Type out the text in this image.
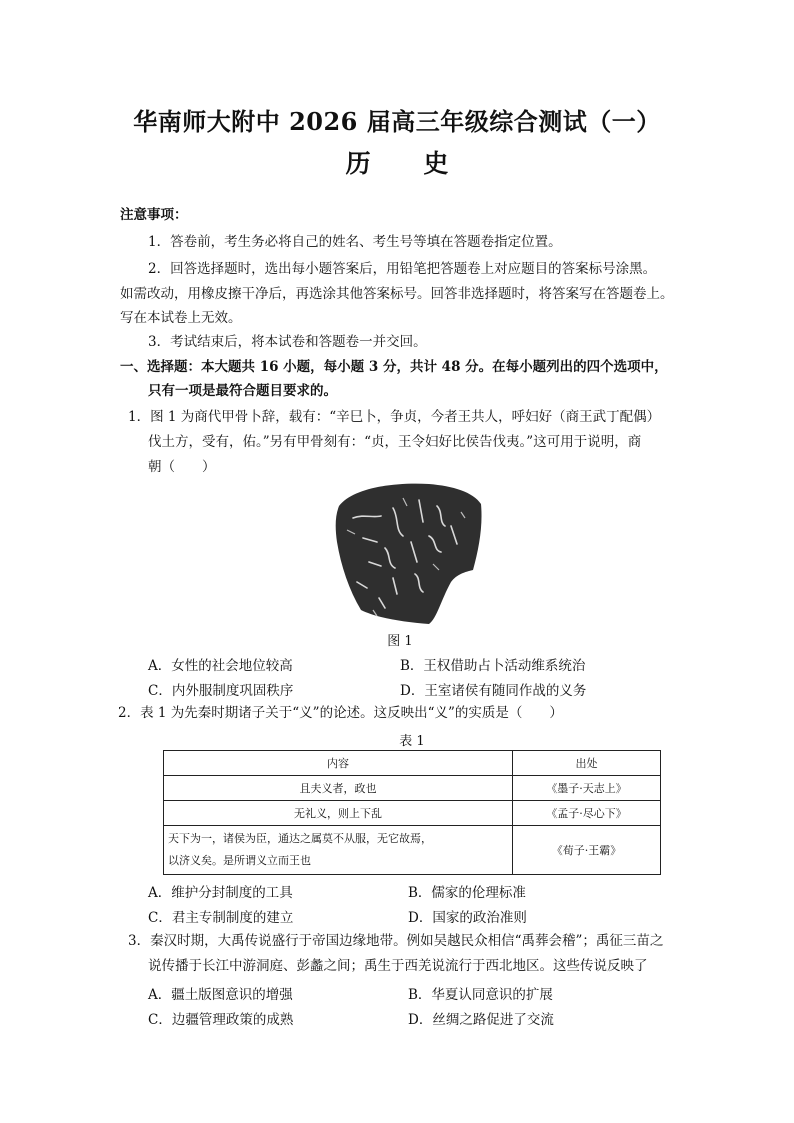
华南师大附中 2026 届高三年级综合测试（一）
历 史
注意事项：
1．答卷前，考生务必将自己的姓名、考生号等填在答题卷指定位置。
2．回答选择题时，选出每小题答案后，用铅笔把答题卷上对应题目的答案标号涂黑。
如需改动，用橡皮擦干净后，再选涂其他答案标号。回答非选择题时，将答案写在答题卷上。
写在本试卷上无效。
3．考试结束后，将本试卷和答题卷一并交回。
一、选择题：本大题共 16 小题，每小题 3 分，共计 48 分。在每小题列出的四个选项中，
只有一项是最符合题目要求的。
1．图 1 为商代甲骨卜辞，载有：“辛巳卜，争贞，今者王共人，呼妇好（商王武丁配偶）
伐土方，受有，佑。”另有甲骨刻有：“贞，王令妇好比侯告伐夷。”这可用于说明，商
朝（　　）
图 1
A．女性的社会地位较高	B．王权借助占卜活动维系统治
C．内外服制度巩固秩序	D．王室诸侯有随同作战的义务
2．表 1 为先秦时期诸子关于“义”的论述。这反映出“义”的实质是（　　）
表 1
内容	出处
且夫义者，政也	《墨子·天志上》
无礼义，则上下乱	《孟子·尽心下》

天下为一，诸侯为臣，通达之属莫不从服，无它故焉，
以济义矣。是所谓义立而王也	《荀子·王霸》
A．维护分封制度的工具	B．儒家的伦理标准
C．君主专制制度的建立	D．国家的政治准则
3．秦汉时期，大禹传说盛行于帝国边缘地带。例如吴越民众相信“禹葬会稽”；禹征三苗之
说传播于长江中游洞庭、彭蠡之间；禹生于西羌说流行于西北地区。这些传说反映了
A．疆土版图意识的增强	B．华夏认同意识的扩展
C．边疆管理政策的成熟	D．丝绸之路促进了交流
